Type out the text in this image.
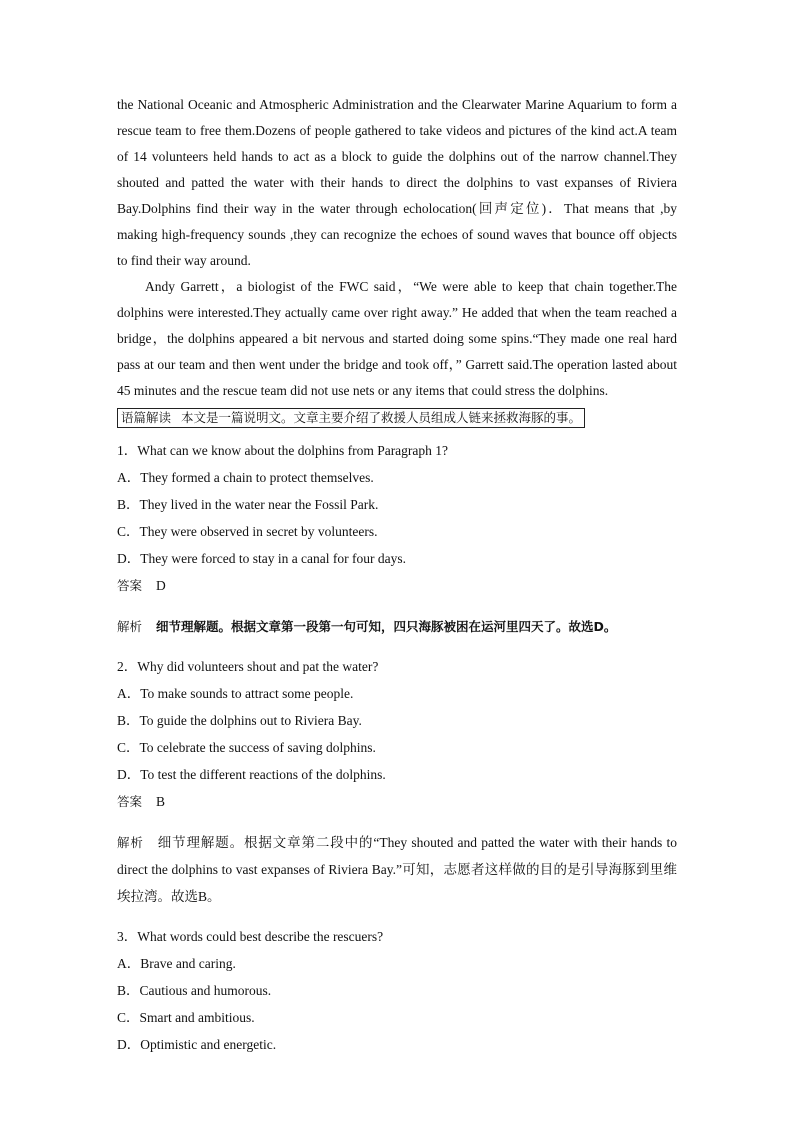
the National Oceanic and Atmospheric Administration and the Clearwater Marine Aquarium to form a rescue team to free them.Dozens of people gathered to take videos and pictures of the kind act.A team of 14 volunteers held hands to act as a block to guide the dolphins out of the narrow channel.They shouted and patted the water with their hands to direct the dolphins to vast expanses of Riviera Bay.Dolphins find their way in the water through echolocation(回声定位)．That means that ,by making high-frequency sounds ,they can recognize the echoes of sound waves that bounce off objects to find their way around.

Andy Garrett，a biologist of the FWC said，“We were able to keep that chain together.The dolphins were interested.They actually came over right away.” He added that when the team reached a bridge，the dolphins appeared a bit nervous and started doing some spins.“They made one real hard pass at our team and then went under the bridge and took off，” Garrett said.The operation lasted about 45 minutes and the rescue team did not use nets or any items that could stress the dolphins.

语篇解读 本文是一篇说明文。文章主要介绍了救援人员组成人链来拯救海豚的事。

1．What can we know about the dolphins from Paragraph 1?

A．They formed a chain to protect themselves.

B．They lived in the water near the Fossil Park.

C．They were observed in secret by volunteers.

D．They were forced to stay in a canal for four days.

答案 D

解析 细节理解题。根据文章第一段第一句可知，四只海豚被困在运河里四天了。故选D。

2．Why did volunteers shout and pat the water?

A．To make sounds to attract some people.

B．To guide the dolphins out to Riviera Bay.

C．To celebrate the success of saving dolphins.

D．To test the different reactions of the dolphins.

答案 B

解析 细节理解题。根据文章第二段中的“They shouted and patted the water with their hands to direct the dolphins to vast expanses of Riviera Bay.”可知，志愿者这样做的目的是引导海豚到里维埃拉湾。故选B。

3．What words could best describe the rescuers?

A．Brave and caring.

B．Cautious and humorous.

C．Smart and ambitious.

D．Optimistic and energetic.
